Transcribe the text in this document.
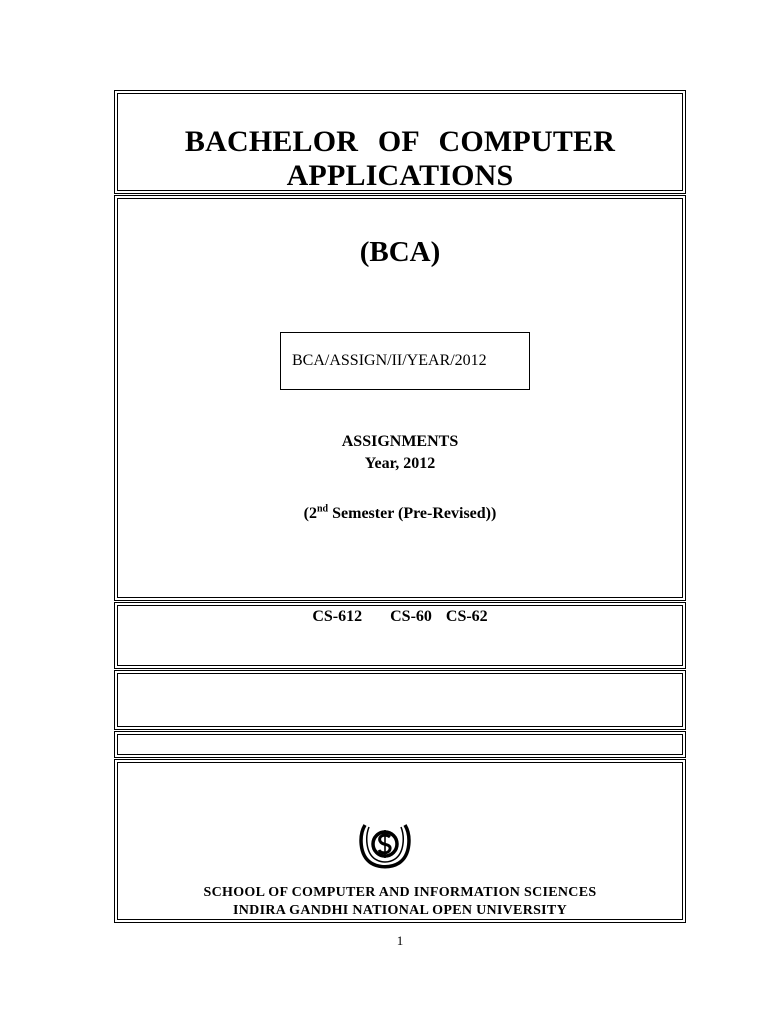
BACHELOR OF COMPUTER
APPLICATIONS
(BCA)
BCA/ASSIGN/II/YEAR/2012
ASSIGNMENTS
Year, 2012
(2nd Semester (Pre-Revised))
CS-612 CS-60 CS-62
SCHOOL OF COMPUTER AND INFORMATION SCIENCES
INDIRA GANDHI NATIONAL OPEN UNIVERSITY
1
